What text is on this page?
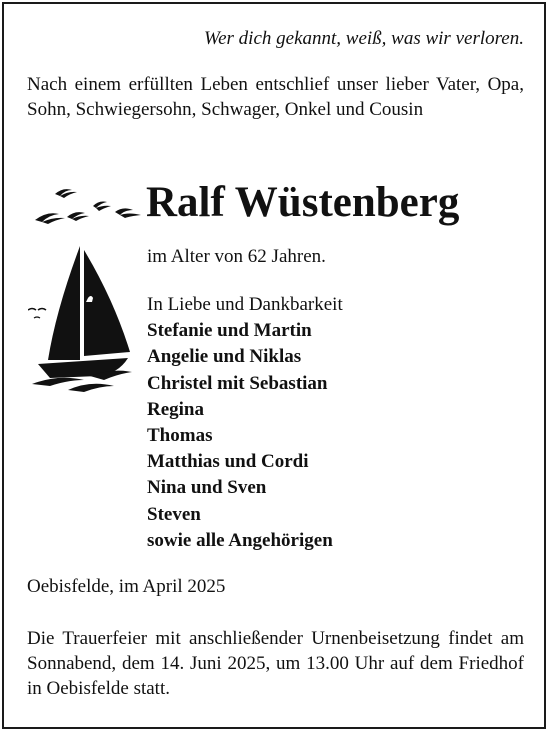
Wer dich gekannt, weiß, was wir verloren.
Nach einem erfüllten Leben entschlief unser lieber Vater, Opa, Sohn, Schwiegersohn, Schwager, Onkel und Cousin
Ralf Wüstenberg
im Alter von 62 Jahren.
In Liebe und Dankbarkeit
Stefanie und Martin
Angelie und Niklas
Christel mit Sebastian
Regina
Thomas
Matthias und Cordi
Nina und Sven
Steven
sowie alle Angehörigen
Oebisfelde, im April 2025
Die Trauerfeier mit anschließender Urnenbeisetzung findet am Sonnabend, dem 14. Juni 2025, um 13.00 Uhr auf dem Friedhof in Oebisfelde statt.
